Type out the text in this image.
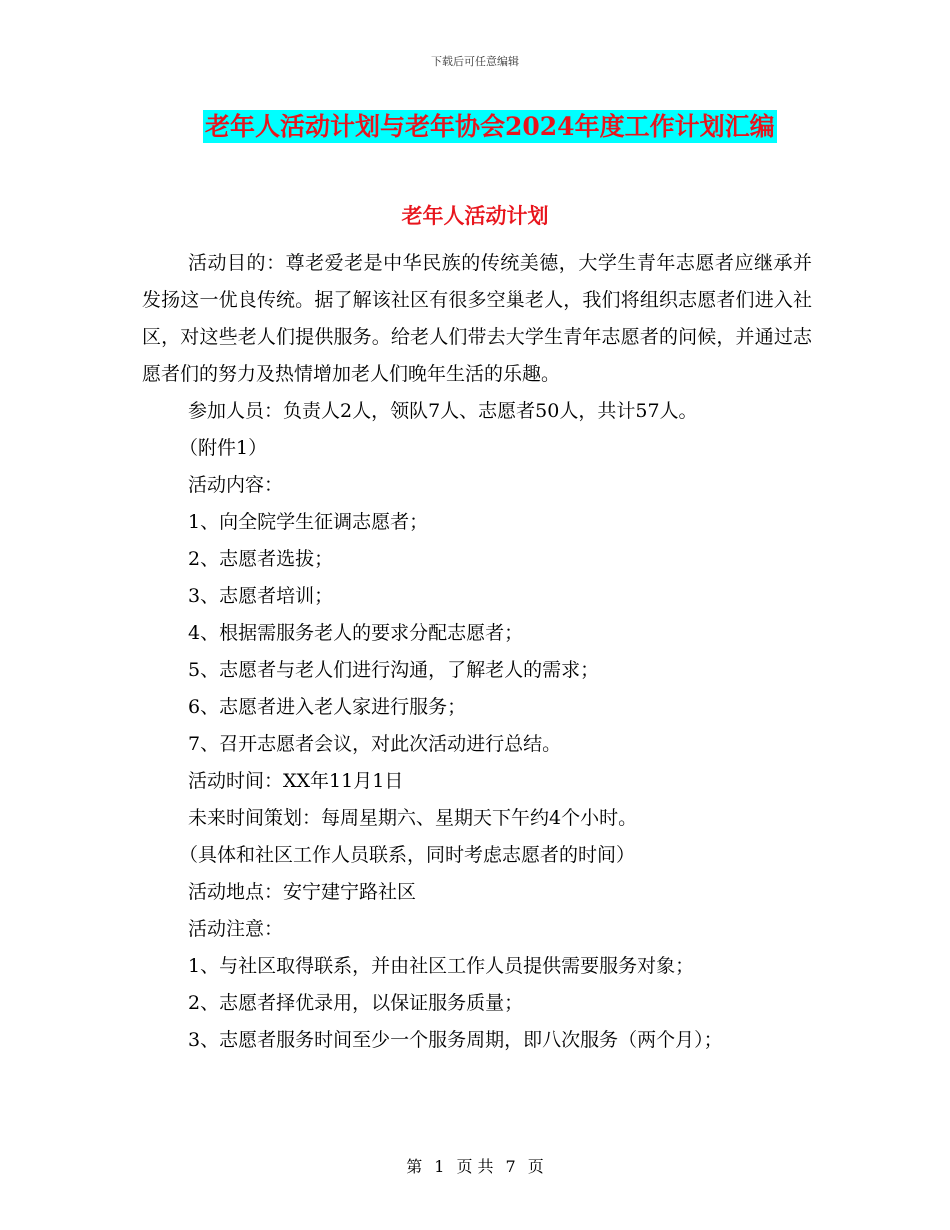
下载后可任意编辑
老年人活动计划与老年协会2024年度工作计划汇编
老年人活动计划

活动目的：尊老爱老是中华民族的传统美德，大学生青年志愿者应继承并发扬这一优良传统。据了解该社区有很多空巢老人，我们将组织志愿者们进入社区，对这些老人们提供服务。给老人们带去大学生青年志愿者的问候，并通过志愿者们的努力及热情增加老人们晚年生活的乐趣。

参加人员：负责人2人，领队7人、志愿者50人，共计57人。

（附件1）

活动内容：

1、向全院学生征调志愿者；

2、志愿者选拔；

3、志愿者培训；

4、根据需服务老人的要求分配志愿者；

5、志愿者与老人们进行沟通，了解老人的需求；

6、志愿者进入老人家进行服务；

7、召开志愿者会议，对此次活动进行总结。

活动时间：XX年11月1日

未来时间策划：每周星期六、星期天下午约4个小时。

（具体和社区工作人员联系，同时考虑志愿者的时间）

活动地点：安宁建宁路社区

活动注意：

1、与社区取得联系，并由社区工作人员提供需要服务对象；

2、志愿者择优录用，以保证服务质量；

3、志愿者服务时间至少一个服务周期，即八次服务（两个月）；

第 1 页 共 7 页
